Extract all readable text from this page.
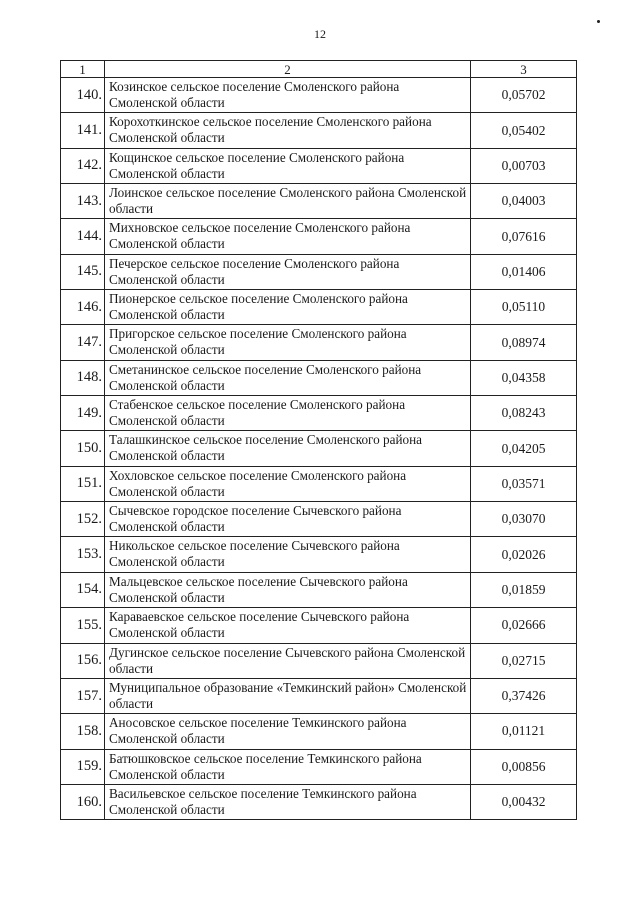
12
1	2	3
140.	Козинское сельское поселение Смоленского района Смоленской области	0,05702
141.	Корохоткинское сельское поселение Смоленского района Смоленской области	0,05402
142.	Кощинское сельское поселение Смоленского района Смоленской области	0,00703
143.	Лоинское сельское поселение Смоленского района Смоленской области	0,04003
144.	Михновское сельское поселение Смоленского района Смоленской области	0,07616
145.	Печерское сельское поселение Смоленского района Смоленской области	0,01406
146.	Пионерское сельское поселение Смоленского района Смоленской области	0,05110
147.	Пригорское сельское поселение Смоленского района Смоленской области	0,08974
148.	Сметанинское сельское поселение Смоленского района Смоленской области	0,04358
149.	Стабенское сельское поселение Смоленского района Смоленской области	0,08243
150.	Талашкинское сельское поселение Смоленского района Смоленской области	0,04205
151.	Хохловское сельское поселение Смоленского района Смоленской области	0,03571
152.	Сычевское городское поселение Сычевского района Смоленской области	0,03070
153.	Никольское сельское поселение Сычевского района Смоленской области	0,02026
154.	Мальцевское сельское поселение Сычевского района Смоленской области	0,01859
155.	Караваевское сельское поселение Сычевского района Смоленской области	0,02666
156.	Дугинское сельское поселение Сычевского района Смоленской области	0,02715
157.	Муниципальное образование «Темкинский район» Смоленской области	0,37426
158.	Аносовское сельское поселение Темкинского района Смоленской области	0,01121
159.	Батюшковское сельское поселение Темкинского района Смоленской области	0,00856
160.	Васильевское сельское поселение Темкинского района Смоленской области	0,00432
